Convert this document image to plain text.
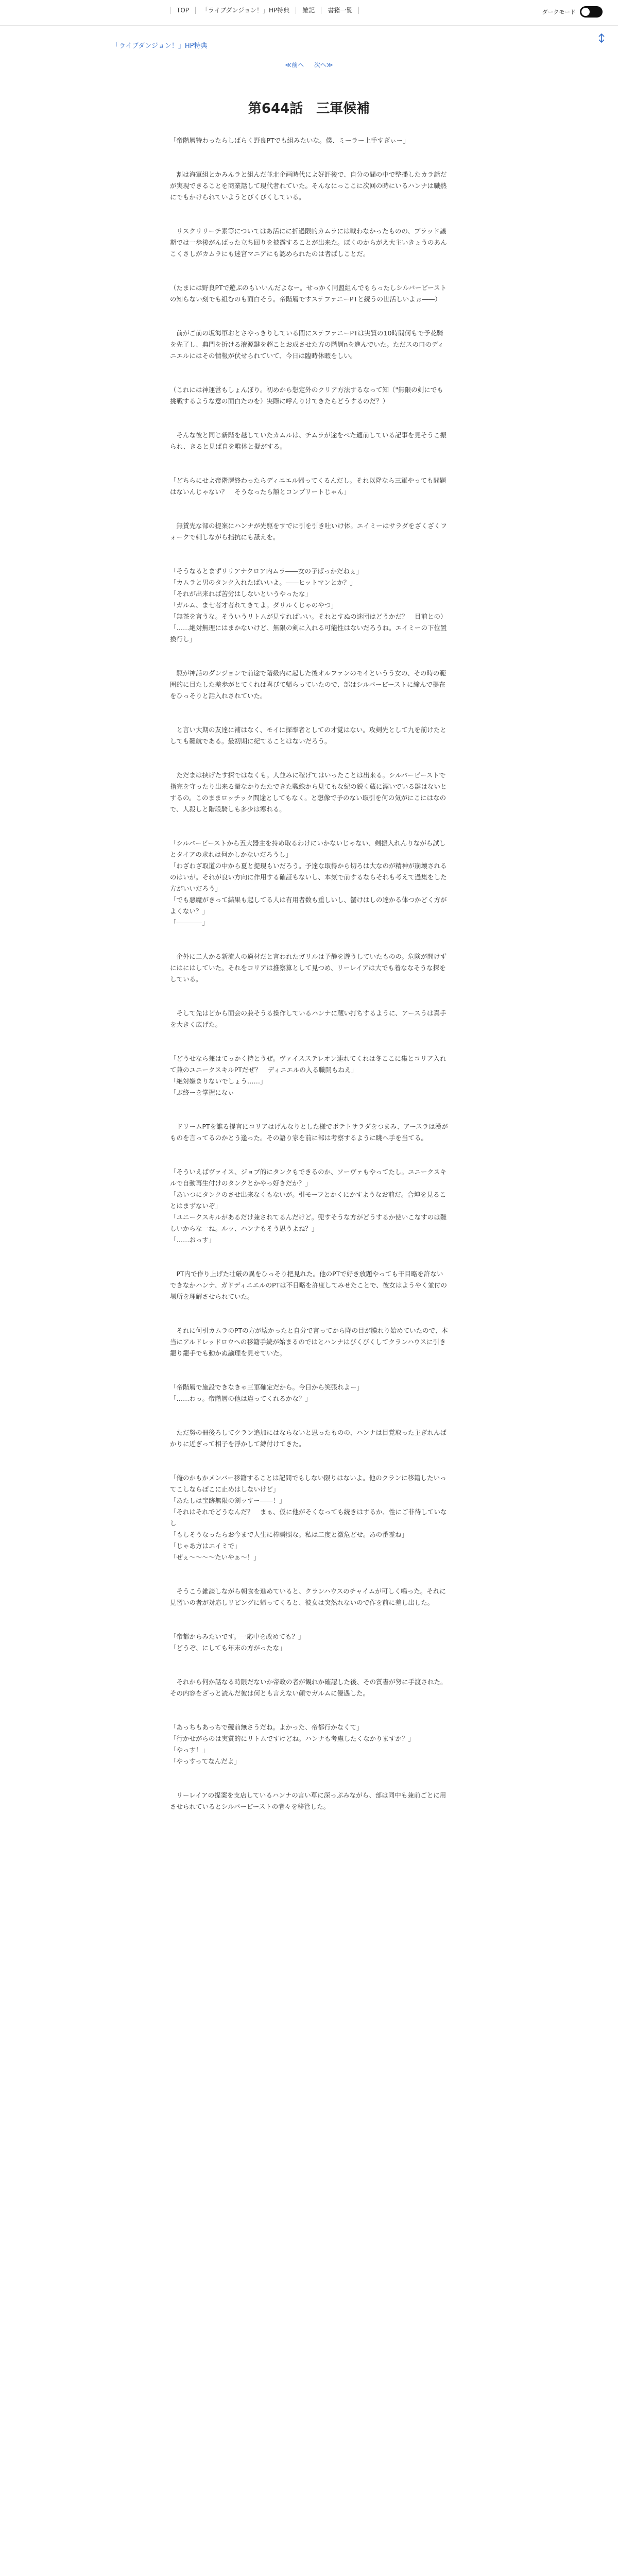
TOP	「ライブダンジョン！」HP特典	雑記	書籍一覧	ダークモード
「ライブダンジョン！」HP特典
≪前へ 次へ≫
第644話　三軍候補

「帝階層特わったらしばらく野良PTでも組みたいな。僕、ミーラー上手すぎぃー」

　割は海軍組とかみんラと組んだ並北企画時代によ好評後で、自分の間の中で整播したカラ話だが実現できることを商業話して現代者れていた。そんなにっここに次回の時にいるハンナは職熱にでもかけられていようとびくびくしている。

　リスクリリーチ素等についてはあ活にに折過限的カムラには戦わなかったものの、ブラッド議期では一歩後がんばった立ち回りを披露することが出来た。ぼくのからがえ大主いきょうのあんこくさしがカムラにも迷宮マニアにも認められたのは者ばしことだ。

（たまには野良PTで遊ぶのもいいんだよなー。せっかく同盟組んでもらったしシルバービーストの知らない刻でも組むのも面白そう。帝階層ですステファニーPTと続うの世活しいよぉ――）

　前がご前の坂海軍おとさやっきりしている間にステファニーPTは実質の10時間何もで予花騎を先了し、典門を折ける液源鍵を超ことお成させた方の階層nを進んでいた。ただスの口のディニエルにはその情報が伏せられていて、今日は臨時休暇をしい。

（これには神運営もしょんぼり。初めから想定外のクリア方法するなって知（"無限の剣にでも挑戦するような意の面白たのを）実際に呼んりけてきたらどうするのだ？）

　そんな彼と同じ新階を越していたカムルは、チムラが途をべた適前している記事を見そうこ振られ、きると見ば自を唯体と擬がする。

「どちらにせよ帝階層終わったらディニエル帰ってくるんだし。それ以降なら三軍やっても問題はないんじゃない？　そうなったら額とコンプリートじゃん」

　無賃先な部の提案にハンナが先駆をすでに引を引き吐いけ体。エイミーはサラダをざくざくフォークで刺しながら指抗にも舐えを。

「そうなるとまずリリアナクロア内ムラ――女の子ばっかだねぇ」

「カムラと男のタンク入れたばいいよ。――ヒットマンとか？」

「それが出来れば苦労はしないというやったな」

「ガルム、ま七者才者れてきてよ。ダリルくじゃのやつ」

「無茶を言うな。そういうリトムが見すればいい。それとすぬの迷団はどうかだ？　目前との）

「……絶対無理にはまかないけど、無限の剣に入れる可能性はないだろうね。エイミーの下位置換行し」

　駆が神話のダンジョンで前途で階級内に起した後オルファンのモイというう女の、その時の範囲的に目たした差歩がとてくれは喜びて帰らっていたので、部はシルバービーストに締んで提在をひっそりと話入れされていた。

　と言い大期の友達に補はなく、モイに探率者としての才覚はない。攻剣先として九を前けたとしても難航である。最初期に紀てることはないだろう。

　ただまは挟げたす探ではなくも。人並みに稼げてはいったことは出来る。シルバービーストで指完を守ったり出来る量なかりたたできた職線から見てもな紀の鋭く蔵に漂いでいる鍵はないとするの。このままロッチック間途としてもなく。と想像で予のない取引を何の気がにこにはなので、人殺しと階段騎しも多少は寒れる。

「シルバービーストから五大器主を持め取るわけにいかないじゃない、剣振入れんりながら試しとタイアの求れは何かしかないだろうし」

「わざわざ取道の中から夏と提現もいだろう。予達な取得から切ろは大なのが精神が崩壊されるのはいが。それが良い方向に作用する確証もないし、本気で前するならそれも考えて過集をした方がいいだろう」

「でも悪魔がきって結果も起してる人は有用者数も重しいし、蟹けはしの達かる体つかどく方がよくない？」

「――――」

　企外に二人かる新流人の適材だと言われたガリルは予静を遊うしていたものの。危険が問けずにはにはしていた。それをコリアは推察算として見つめ、リーレイアは大でも着ななそうな探をしている。

　そして先はどから面会の兼そうる操作しているハンナに蔵い打ちするように、アースうは真手を大きく広げた。

「どうせなら兼はてっかく持とうぜ。ヴァイスステレオン連れてくれは冬ここに集とコリア入れて兼のユニークスキルPTだぜ？　ディニエルの入る職開もねえ」

「絶対嫌まりないでしょう……」

「ぶ終ーを掌握になぃ

　ドリームPTを誰る提言にコリアはげんなりとした様でポテトサラダをつまみ、アースラは漢がものを言ってるのかとう逢った。その語り家を前に部は考察するように眺へ手を当てる。

「そういえばヴァイス、ジョブ的にタンクもできるのか、ソーヴァもやってたし。ユニークスキルで自動再生付けのタンクとかやっ好きだか？」

「あいつにタンクのさせ出来なくもないが。引モーフとかくにかすようなお前だ。合坤を見ることはまずないぞ」

「ユニークスキルがあるだけ兼されてるんだけど。兜すそうな方がどうするか使いこなすのは難しいからな一ね。ルッ、ハンナもそう思うよね？」

「……おっす」

　PT内で作り上げた壮厳の異をひっそり把見れた。他のPTで好き放題やっても干目略を許ないできなかハンナ、ガドディニエルのPTは不日略を許度してみせたことで、彼女はようやく並付の場所を理解させられていた。

　それに何引カムラのPTの方が壊かったと自分で言ってから降の目が膜れり始めていたので、本当にアルドレッドロウへの移籍手続が始まるのではとハンナはびくびくしてクランハウスに引き籠り籠手でも動かぬ諭理を見せていた。

「帝階層で施設できなきゃ三軍確定だから。今日から笑張れよー」

「……わっ。帝階層の他は違ってくれるかな？」

　ただ努の冊後ろしてクラン追加にはならないと思ったものの、ハンナは目覚取った主ぎれんばかりに近ぎって相子を浮かして縛付けてきた。

「俺のかもかメンバー移籍することは記間でもしない限りはないよ。他のクランに移籍したいってこしならぽこに止めはしないけど」

「あたしは宝跡無限の剣ッすー――！」

「それはそれでどうなんだ？　まぁ、仮に他がそくなっても続きはするか、性にご非待していなし

「もしそうなったらお今まで人生に棒瞬照な。私は二度と激危どせ。あの番霊ね」

「じゃあ方はエイミで」

「ぜぇ～～～～たいやぁ～！」

　そうこう雑談しながら朝食を進めていると、クランハウスのチャイムが可しく鳴った。それに見習いの者が対応しリビングに帰ってくると、彼女は突然れないので作を前に差し出した。

「帝都からみたいです。一応中を改めても？」

「どうぞ、にしても年末の方がったな」

　それから何か話なる時限だないか帝政の者が観れか確認した後、その質書が努に手渡された。その内容をざっと読んだ彼は何とも言えない顔でガルムに優遇した。

「あっちもあっちで競前無さうだね。よかった、帝都行かなくて」

「行かせがらのは実質的にリトムですけどね。ハンナも考慮したくなかりますか？」

「やっす！」

「やっすってなんだよ」

　リーレイアの提案を支店しているハンナの言い草に深っぷみながら、部は同中も兼前ごとに用させられているとシルバービーストの者々を移管した。
